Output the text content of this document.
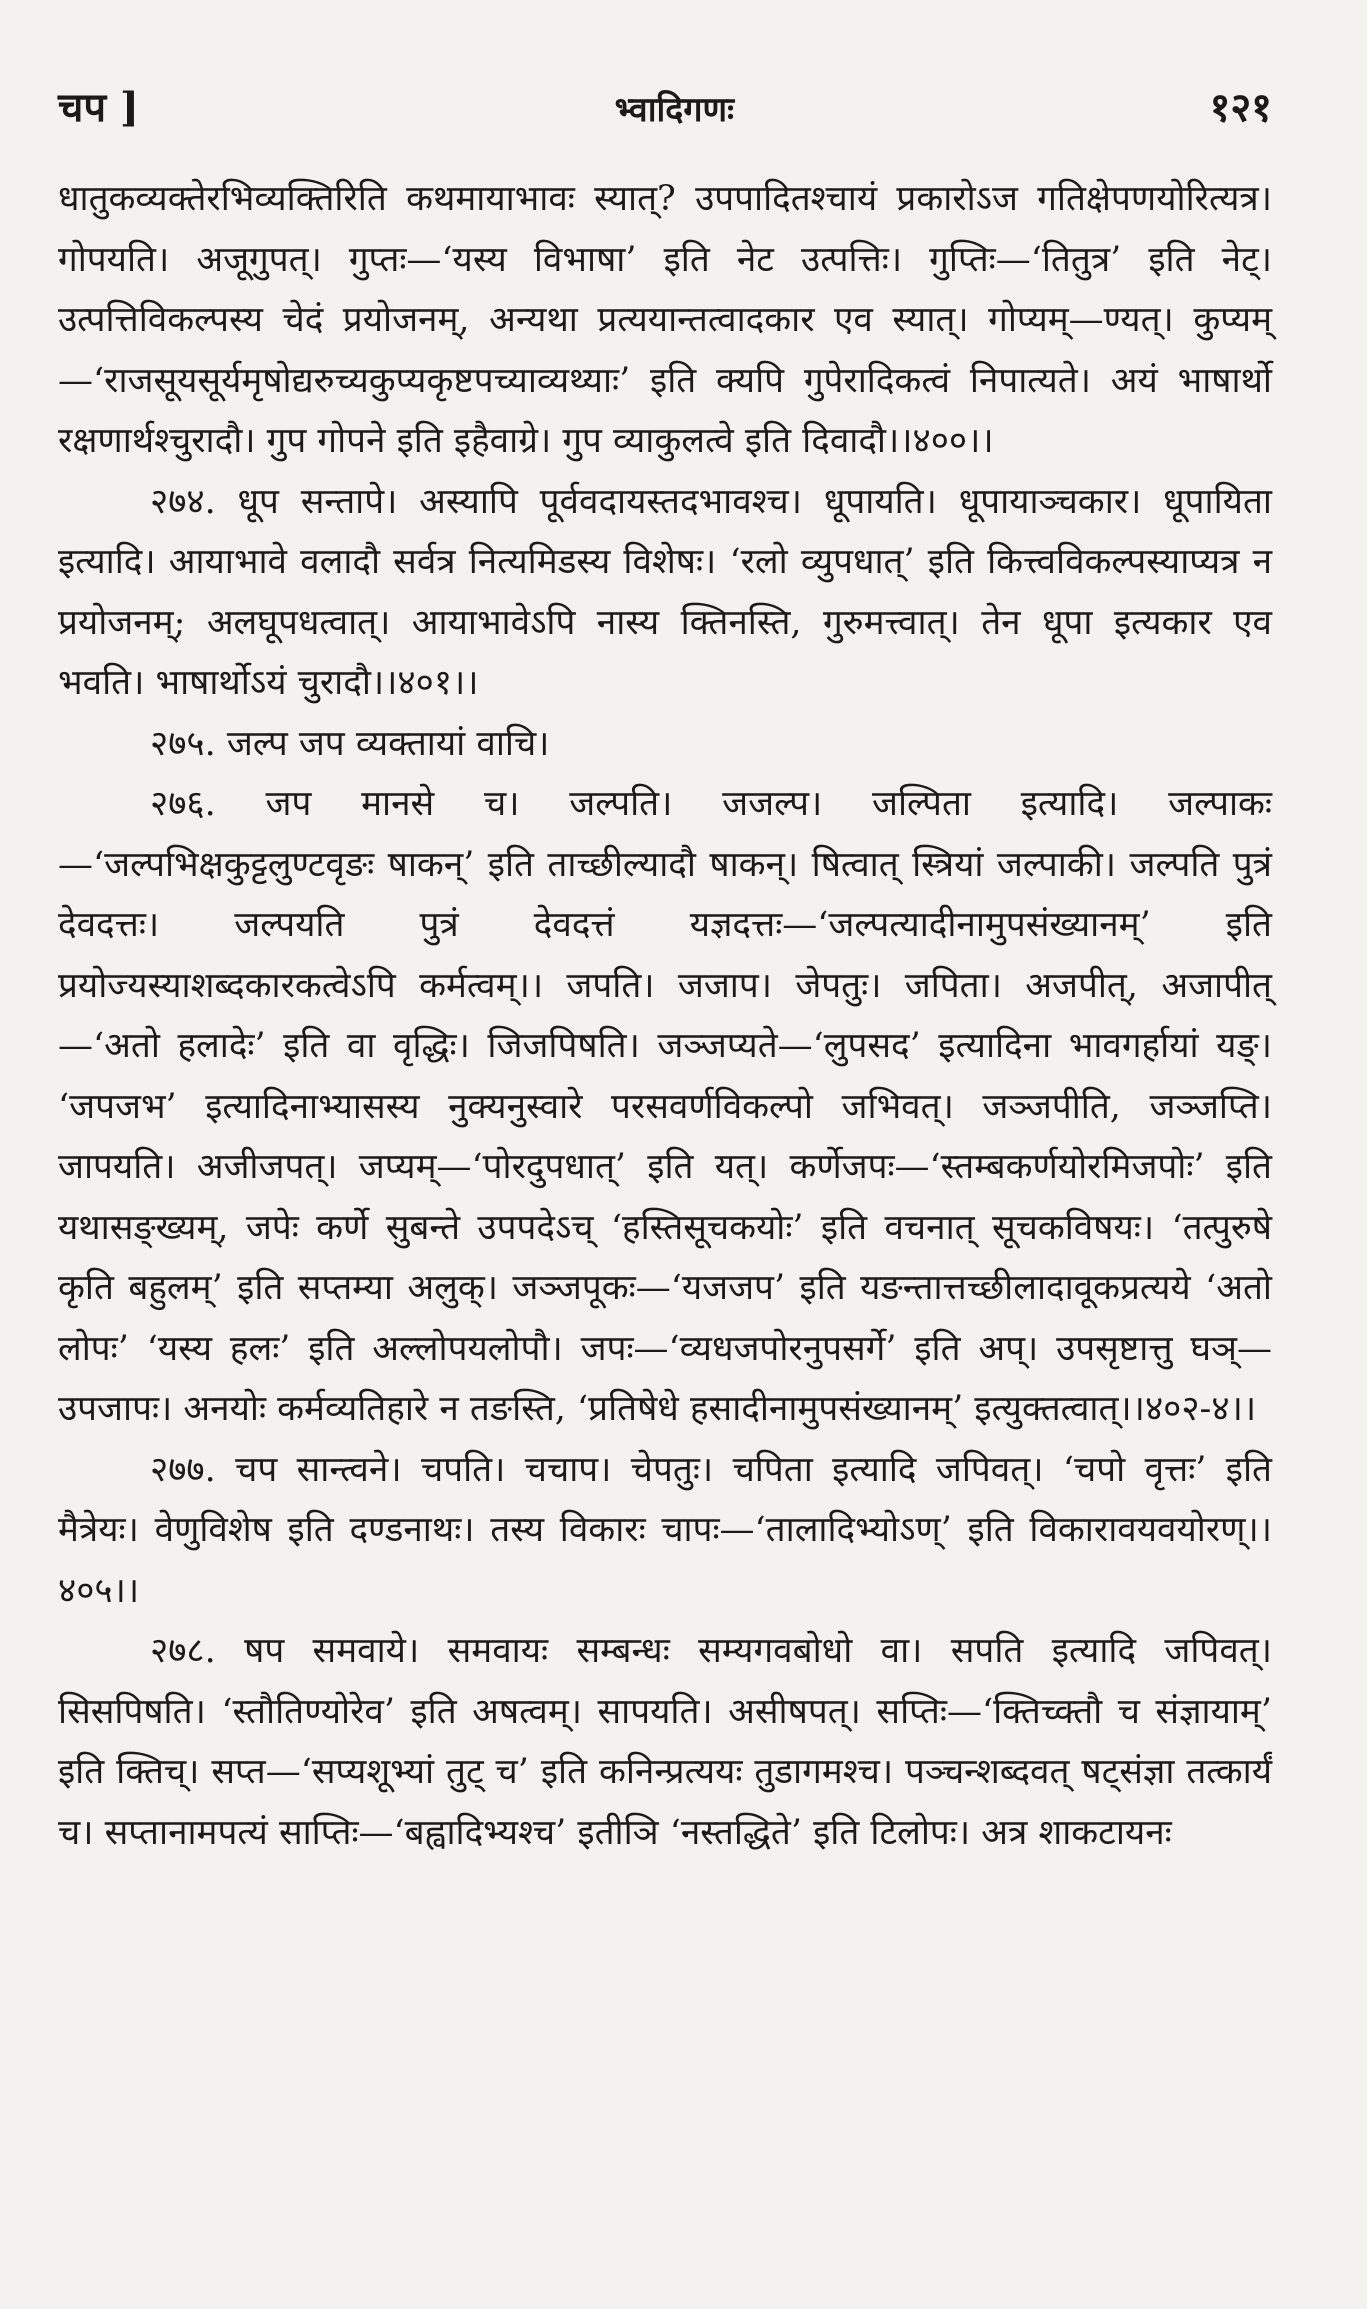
चप ]	भ्वादिगणः	१२१

धातुकव्यक्तेरभिव्यक्तिरिति कथमायाभावः स्यात्? उपपादितश्चायं प्रकारोऽज गतिक्षेपणयोरित्यत्र। गोपयति। अजूगुपत्। गुप्तः—‘यस्य विभाषा’ इति नेट उत्पत्तिः। गुप्तिः—‘तितुत्र’ इति नेट्। उत्पत्तिविकल्पस्य चेदं प्रयोजनम्, अन्यथा प्रत्ययान्तत्वादकार एव स्यात्। गोप्यम्—ण्यत्। कुप्यम्—‘राजसूयसूर्यमृषोद्यरुच्यकुप्यकृष्टपच्याव्यथ्याः’ इति क्यपि गुपेरादिकत्वं निपात्यते। अयं भाषार्थो रक्षणार्थश्चुरादौ। गुप गोपने इति इहैवाग्रे। गुप व्याकुलत्वे इति दिवादौ।।४००।।

२७४. धूप सन्तापे। अस्यापि पूर्ववदायस्तदभावश्च। धूपायति। धूपायाञ्चकार। धूपायिता इत्यादि। आयाभावे वलादौ सर्वत्र नित्यमिडस्य विशेषः। ‘रलो व्युपधात्’ इति कित्त्वविकल्पस्याप्यत्र न प्रयोजनम्; अलघूपधत्वात्। आयाभावेऽपि नास्य क्तिनस्ति, गुरुमत्त्वात्। तेन धूपा इत्यकार एव भवति। भाषार्थोऽयं चुरादौ।।४०१।।

२७५. जल्प जप व्यक्तायां वाचि।

२७६. जप मानसे च। जल्पति। जजल्प। जल्पिता इत्यादि। जल्पाकः—‘जल्पभिक्षकुट्टलुण्टवृङः षाकन्’ इति ताच्छील्यादौ षाकन्। षित्वात् स्त्रियां जल्पाकी। जल्पति पुत्रं देवदत्तः। जल्पयति पुत्रं देवदत्तं यज्ञदत्तः—‘जल्पत्यादीनामुपसंख्यानम्’ इति प्रयोज्यस्याशब्दकारकत्वेऽपि कर्मत्वम्।। जपति। जजाप। जेपतुः। जपिता। अजपीत्, अजापीत्—‘अतो हलादेः’ इति वा वृद्धिः। जिजपिषति। जञ्जप्यते—‘लुपसद’ इत्यादिना भावगर्हायां यङ्। ‘जपजभ’ इत्यादिनाभ्यासस्य नुक्यनुस्वारे परसवर्णविकल्पो जभिवत्। जञ्जपीति, जञ्जप्ति। जापयति। अजीजपत्। जप्यम्—‘पोरदुपधात्’ इति यत्। कर्णेजपः—‘स्तम्बकर्णयोरमिजपोः’ इति यथासङ्ख्यम्, जपेः कर्णे सुबन्ते उपपदेऽच् ‘हस्तिसूचकयोः’ इति वचनात् सूचकविषयः। ‘तत्पुरुषे कृति बहुलम्’ इति सप्तम्या अलुक्। जञ्जपूकः—‘यजजप’ इति यङन्तात्तच्छीलादावूकप्रत्यये ‘अतो लोपः’ ‘यस्य हलः’ इति अल्लोपयलोपौ। जपः—‘व्यधजपोरनुपसर्गे’ इति अप्। उपसृष्टात्तु घञ्—उपजापः। अनयोः कर्मव्यतिहारे न तङस्ति, ‘प्रतिषेधे हसादीनामुपसंख्यानम्’ इत्युक्तत्वात्।।४०२-४।।

२७७. चप सान्त्वने। चपति। चचाप। चेपतुः। चपिता इत्यादि जपिवत्। ‘चपो वृत्तः’ इति मैत्रेयः। वेणुविशेष इति दण्डनाथः। तस्य विकारः चापः—‘तालादिभ्योऽण्’ इति विकारावयवयोरण्।।४०५।।

२७८. षप समवाये। समवायः सम्बन्धः सम्यगवबोधो वा। सपति इत्यादि जपिवत्। सिसपिषति। ‘स्तौतिण्योरेव’ इति अषत्वम्। सापयति। असीषपत्। सप्तिः—‘क्तिच्क्तौ च संज्ञायाम्’ इति क्तिच्। सप्त—‘सप्यशूभ्यां तुट् च’ इति कनिन्प्रत्ययः तुडागमश्च। पञ्चन्शब्दवत् षट्संज्ञा तत्कार्यं च। सप्तानामपत्यं साप्तिः—‘बह्वादिभ्यश्च’ इतीञि ‘नस्तद्धिते’ इति टिलोपः। अत्र शाकटायनः
